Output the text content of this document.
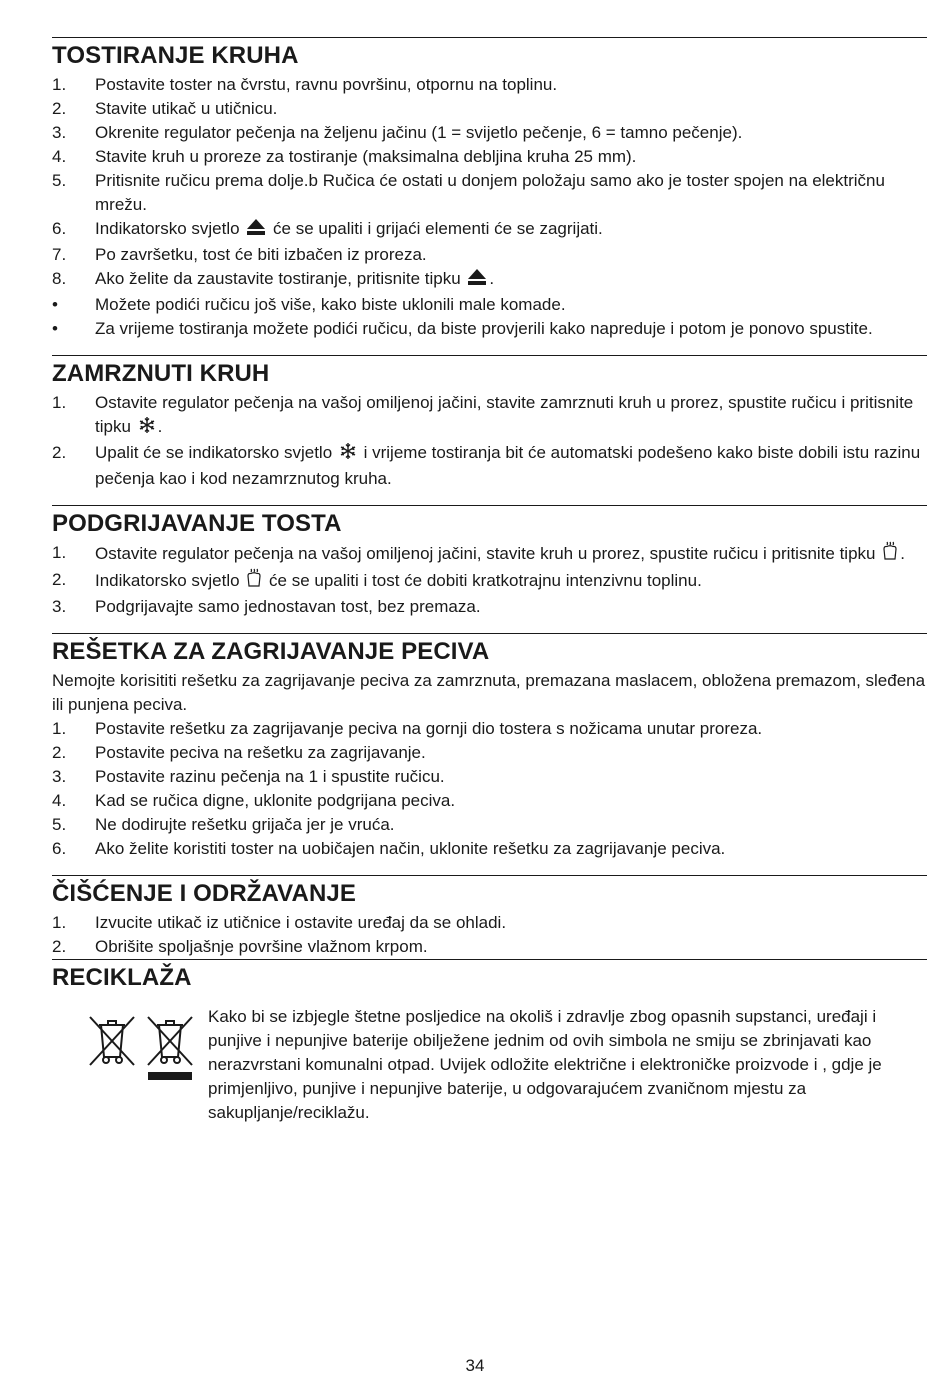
TOSTIRANJE KRUHA
1.	Postavite toster na čvrstu, ravnu površinu, otpornu na toplinu.
2.	Stavite utikač u utičnicu.
3.	Okrenite regulator pečenja na željenu jačinu (1 = svijetlo pečenje, 6 = tamno pečenje).
4.	Stavite kruh u proreze za tostiranje (maksimalna debljina kruha 25 mm).
5.	Pritisnite ručicu prema dolje.b Ručica će ostati u donjem položaju samo ako je toster spojen na električnu mrežu.
6.	Indikatorsko svjetlo  će se upaliti i grijaći elementi će se zagrijati.
7.	Po završetku, tost će biti izbačen iz proreza.
8.	Ako želite da zaustavite tostiranje, pritisnite tipku .
•	Možete podići ručicu još više, kako biste uklonili male komade.
•	Za vrijeme tostiranja možete podići ručicu, da biste provjerili kako napreduje i potom je ponovo spustite.
ZAMRZNUTI KRUH
1.	Ostavite regulator pečenja na vašoj omiljenoj jačini, stavite zamrznuti kruh u prorez, spustite ručicu i pritisnite tipku .
2.	Upalit će se indikatorsko svjetlo  i vrijeme tostiranja bit će automatski podešeno kako biste dobili istu razinu pečenja kao i kod nezamrznutog kruha.
PODGRIJAVANJE TOSTA
1.	Ostavite regulator pečenja na vašoj omiljenoj jačini, stavite kruh u prorez, spustite ručicu i pritisnite tipku .
2.	Indikatorsko svjetlo  će se upaliti i tost će dobiti kratkotrajnu intenzivnu toplinu.
3.	Podgrijavajte samo jednostavan tost, bez premaza.
REŠETKA ZA ZAGRIJAVANJE PECIVA
Nemojte korisititi rešetku za zagrijavanje peciva za zamrznuta, premazana maslacem, obložena premazom, sleđena ili punjena peciva.
1.	Postavite rešetku za zagrijavanje peciva na gornji dio tostera s nožicama unutar proreza.
2.	Postavite peciva na rešetku za zagrijavanje.
3.	Postavite razinu pečenja na 1 i spustite ručicu.
4.	Kad se ručica digne, uklonite podgrijana peciva.
5.	Ne dodirujte rešetku grijača jer je vruća.
6.	Ako želite koristiti toster na uobičajen način, uklonite rešetku za zagrijavanje peciva.
ČIŠĆENJE I ODRŽAVANJE
1.	Izvucite utikač iz utičnice i ostavite uređaj da se ohladi.
2.	Obrišite spoljašnje površine vlažnom krpom.
RECIKLAŽA
Kako bi se izbjegle štetne posljedice na okoliš i zdravlje zbog opasnih supstanci, uređaji i punjive i nepunjive baterije obilježene jednim od ovih simbola ne smiju se zbrinjavati kao nerazvrstani komunalni otpad. Uvijek odložite električne i elektroničke proizvode i , gdje je primjenljivo, punjive i nepunjive baterije, u odgovarajućem zvaničnom mjestu za sakupljanje/reciklažu.
34
